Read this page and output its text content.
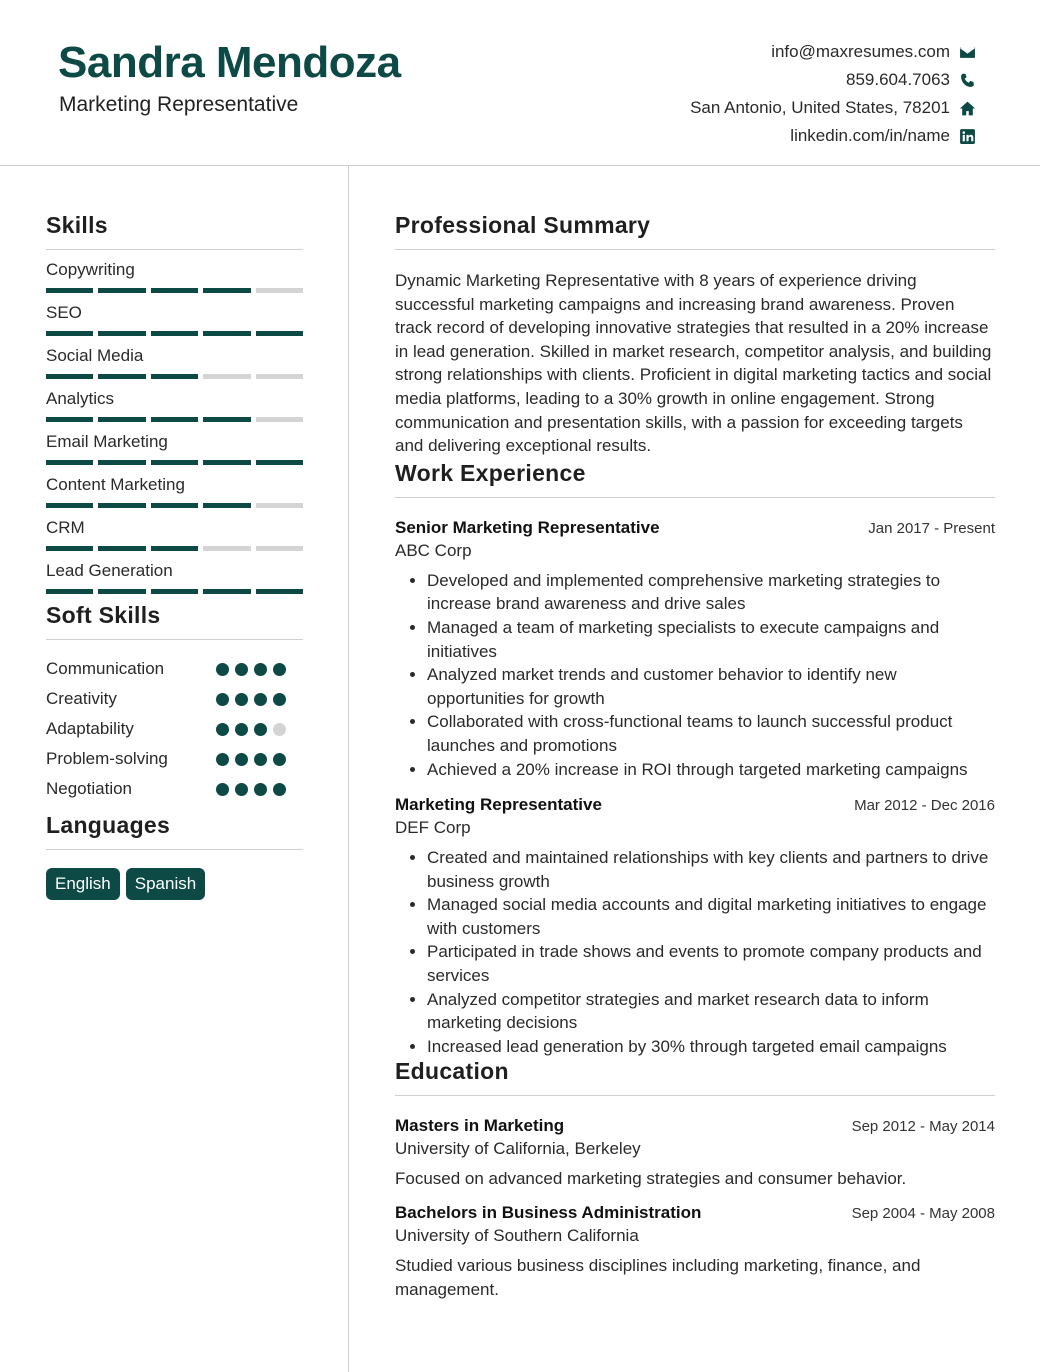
Sandra Mendoza
Marketing Representative
info@maxresumes.com
859.604.7063
San Antonio, United States, 78201
linkedin.com/in/name
Skills
Copywriting
SEO
Social Media
Analytics
Email Marketing
Content Marketing
CRM
Lead Generation
Soft Skills
Communication
Creativity
Adaptability
Problem-solving
Negotiation
Languages
English	Spanish
Professional Summary
Dynamic Marketing Representative with 8 years of experience driving successful marketing campaigns and increasing brand awareness. Proven track record of developing innovative strategies that resulted in a 20% increase in lead generation. Skilled in market research, competitor analysis, and building strong relationships with clients. Proficient in digital marketing tactics and social media platforms, leading to a 30% growth in online engagement. Strong communication and presentation skills, with a passion for exceeding targets and delivering exceptional results.
Work Experience
Senior Marketing Representative	Jan 2017 - Present
ABC Corp
• Developed and implemented comprehensive marketing strategies to increase brand awareness and drive sales
• Managed a team of marketing specialists to execute campaigns and initiatives
• Analyzed market trends and customer behavior to identify new opportunities for growth
• Collaborated with cross-functional teams to launch successful product launches and promotions
• Achieved a 20% increase in ROI through targeted marketing campaigns
Marketing Representative	Mar 2012 - Dec 2016
DEF Corp
• Created and maintained relationships with key clients and partners to drive business growth
• Managed social media accounts and digital marketing initiatives to engage with customers
• Participated in trade shows and events to promote company products and services
• Analyzed competitor strategies and market research data to inform marketing decisions
• Increased lead generation by 30% through targeted email campaigns
Education
Masters in Marketing	Sep 2012 - May 2014
University of California, Berkeley
Focused on advanced marketing strategies and consumer behavior.
Bachelors in Business Administration	Sep 2004 - May 2008
University of Southern California
Studied various business disciplines including marketing, finance, and management.
